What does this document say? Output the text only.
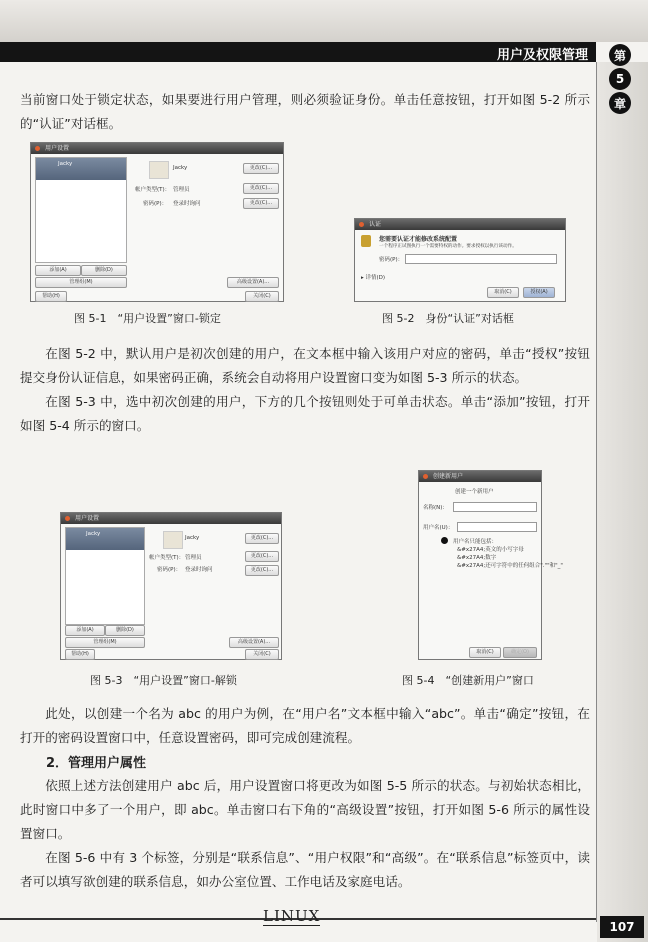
用户及权限管理	第
5
章

当前窗口处于锁定状态，如果要进行用户管理，则必须验证身份。单击任意按钮，打开如图 5-2 所示的“认证”对话框。

用户设置
Jacky
Jacky
帐户类型(T)： 管理员
密码(P)： 登录时询问
更改(C)...
更改(C)...
更改(C)...
添加(A)	删除(D)
管理组(M)
帮助(H)
高级设置(A)...
关闭(C)
图 5-1　“用户设置”窗口-锁定
认证
您需要认证才能修改系统配置
一个程序正试图执行一个需要特权的动作。要求授权以执行该动作。
密码(P)：
▸ 详情(D)
取消(C)	授权(A)
图 5-2　身份“认证”对话框

在图 5-2 中，默认用户是初次创建的用户，在文本框中输入该用户对应的密码，单击“授权”按钮提交身份认证信息，如果密码正确，系统会自动将用户设置窗口变为如图 5-3 所示的状态。

在图 5-3 中，选中初次创建的用户，下方的几个按钮则处于可单击状态。单击“添加”按钮，打开如图 5-4 所示的窗口。

用户设置
Jacky
Jacky
帐户类型(T)： 管理员
密码(P)： 登录时询问
更改(C)...
更改(C)...
更改(C)...
添加(A)	删除(D)
管理组(M)
帮助(H)
高级设置(A)...
关闭(C)
图 5-3　“用户设置”窗口-解锁
创建新用户
创建一个新用户
名称(N)：
用户名(U)：
用户名只能包括：
&#x27A4;英文的小写字母
&#x27A4;数字
&#x27A4;还可字符中的任何组合".""和"_"
取消(C)	确定(O)
图 5-4　“创建新用户”窗口

此处，以创建一个名为 abc 的用户为例，在“用户名”文本框中输入“abc”。单击“确定”按钮，在打开的密码设置窗口中，任意设置密码，即可完成创建流程。

2．管理用户属性

依照上述方法创建用户 abc 后，用户设置窗口将更改为如图 5-5 所示的状态。与初始状态相比，此时窗口中多了一个用户，即 abc。单击窗口右下角的“高级设置”按钮，打开如图 5-6 所示的属性设置窗口。

在图 5-6 中有 3 个标签，分别是“联系信息”、“用户权限”和“高级”。在“联系信息”标签页中，读者可以填写欲创建的联系信息，如办公室位置、工作电话及家庭电话。

LINUX
107
